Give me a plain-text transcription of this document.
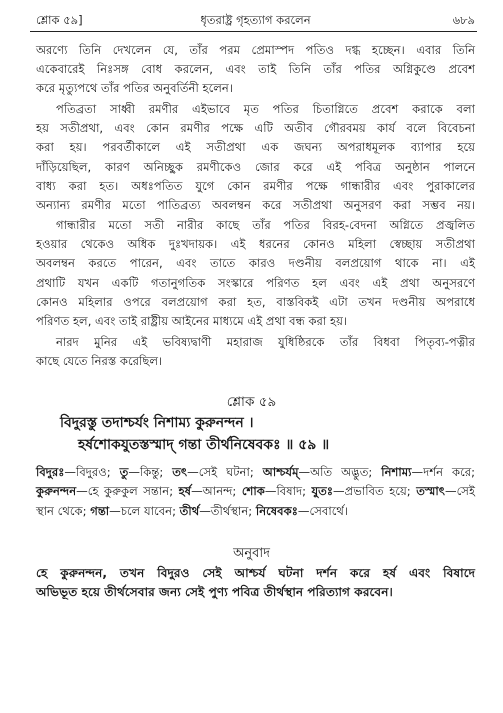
শ্লোক ৫৯]	ধৃতরাষ্ট্র গৃহত্যাগ করলেন	৬৮৯
অরণ্যে তিনি দেখলেন যে, তাঁর পরম প্রেমাস্পদ পতিও দগ্ধ হচ্ছেন। এবার তিনি
একেবারেই নিঃসঙ্গ বোধ করলেন, এবং তাই তিনি তাঁর পতির অগ্নিকুণ্ডে প্রবেশ
করে মৃত্যুপথে তাঁর পতির অনুবর্তিনী হলেন।
পতিব্রতা সাধ্বী রমণীর এইভাবে মৃত পতির চিতাগ্নিতে প্রবেশ করাকে বলা
হয় সতীপ্রথা, এবং কোন রমণীর পক্ষে এটি অতীব গৌরবময় কার্য বলে বিবেচনা
করা হয়। পরবর্তীকালে এই সতীপ্রথা এক জঘন্য অপরাধমূলক ব্যাপার হয়ে
দাঁড়িয়েছিল, কারণ অনিচ্ছুক রমণীকেও জোর করে এই পবিত্র অনুষ্ঠান পালনে
বাধ্য করা হত। অধঃপতিত যুগে কোন রমণীর পক্ষে গান্ধারীর এবং পুরাকালের
অন্যান্য রমণীর মতো পাতিব্রত্য অবলম্বন করে সতীপ্রথা অনুসরণ করা সম্ভব নয়।
গান্ধারীর মতো সতী নারীর কাছে তাঁর পতির বিরহ-বেদনা অগ্নিতে প্রজ্বলিত
হওয়ার থেকেও অধিক দুঃখদায়ক। এই ধরনের কোনও মহিলা স্বেচ্ছায় সতীপ্রথা
অবলম্বন করতে পারেন, এবং তাতে কারও দণ্ডনীয় বলপ্রয়োগ থাকে না। এই
প্রথাটি যখন একটি গতানুগতিক সংস্কারে পরিণত হল এবং এই প্রথা অনুসরণে
কোনও মহিলার ওপরে বলপ্রয়োগ করা হত, বাস্তবিকই এটা তখন দণ্ডনীয় অপরাধে
পরিণত হল, এবং তাই রাষ্ট্রীয় আইনের মাধ্যমে এই প্রথা বন্ধ করা হয়।
নারদ মুনির এই ভবিষ্যদ্বাণী মহারাজ যুধিষ্ঠিরকে তাঁর বিধবা পিতৃব্য-পত্নীর
কাছে যেতে নিরস্ত করেছিল।
শ্লোক ৫৯
বিদুরস্তু তদাশ্চর্যং নিশাম্য কুরুনন্দন ।
হর্ষশোকযুতস্তস্মাদ্ গন্তা তীর্থনিষেবকঃ ॥ ৫৯ ॥
বিদুরঃ—বিদুরও; তু—কিন্তু; তৎ—সেই ঘটনা; আশ্চর্যম্—অতি অদ্ভুত; নিশাম্য—দর্শন করে; কুরুনন্দন—হে কুরুকুল সন্তান; হর্ষ—আনন্দ; শোক—বিষাদ; যুতঃ—প্রভাবিত হয়ে; তস্মাৎ—সেই স্থান থেকে; গন্তা—চলে যাবেন; তীর্থ—তীর্থস্থান; নিষেবকঃ—সেবার্থে।
অনুবাদ
হে কুরুনন্দন, তখন বিদুরও সেই আশ্চর্য ঘটনা দর্শন করে হর্ষ এবং বিষাদে
অভিভূত হয়ে তীর্থসেবার জন্য সেই পুণ্য পবিত্র তীর্থস্থান পরিত্যাগ করবেন।
